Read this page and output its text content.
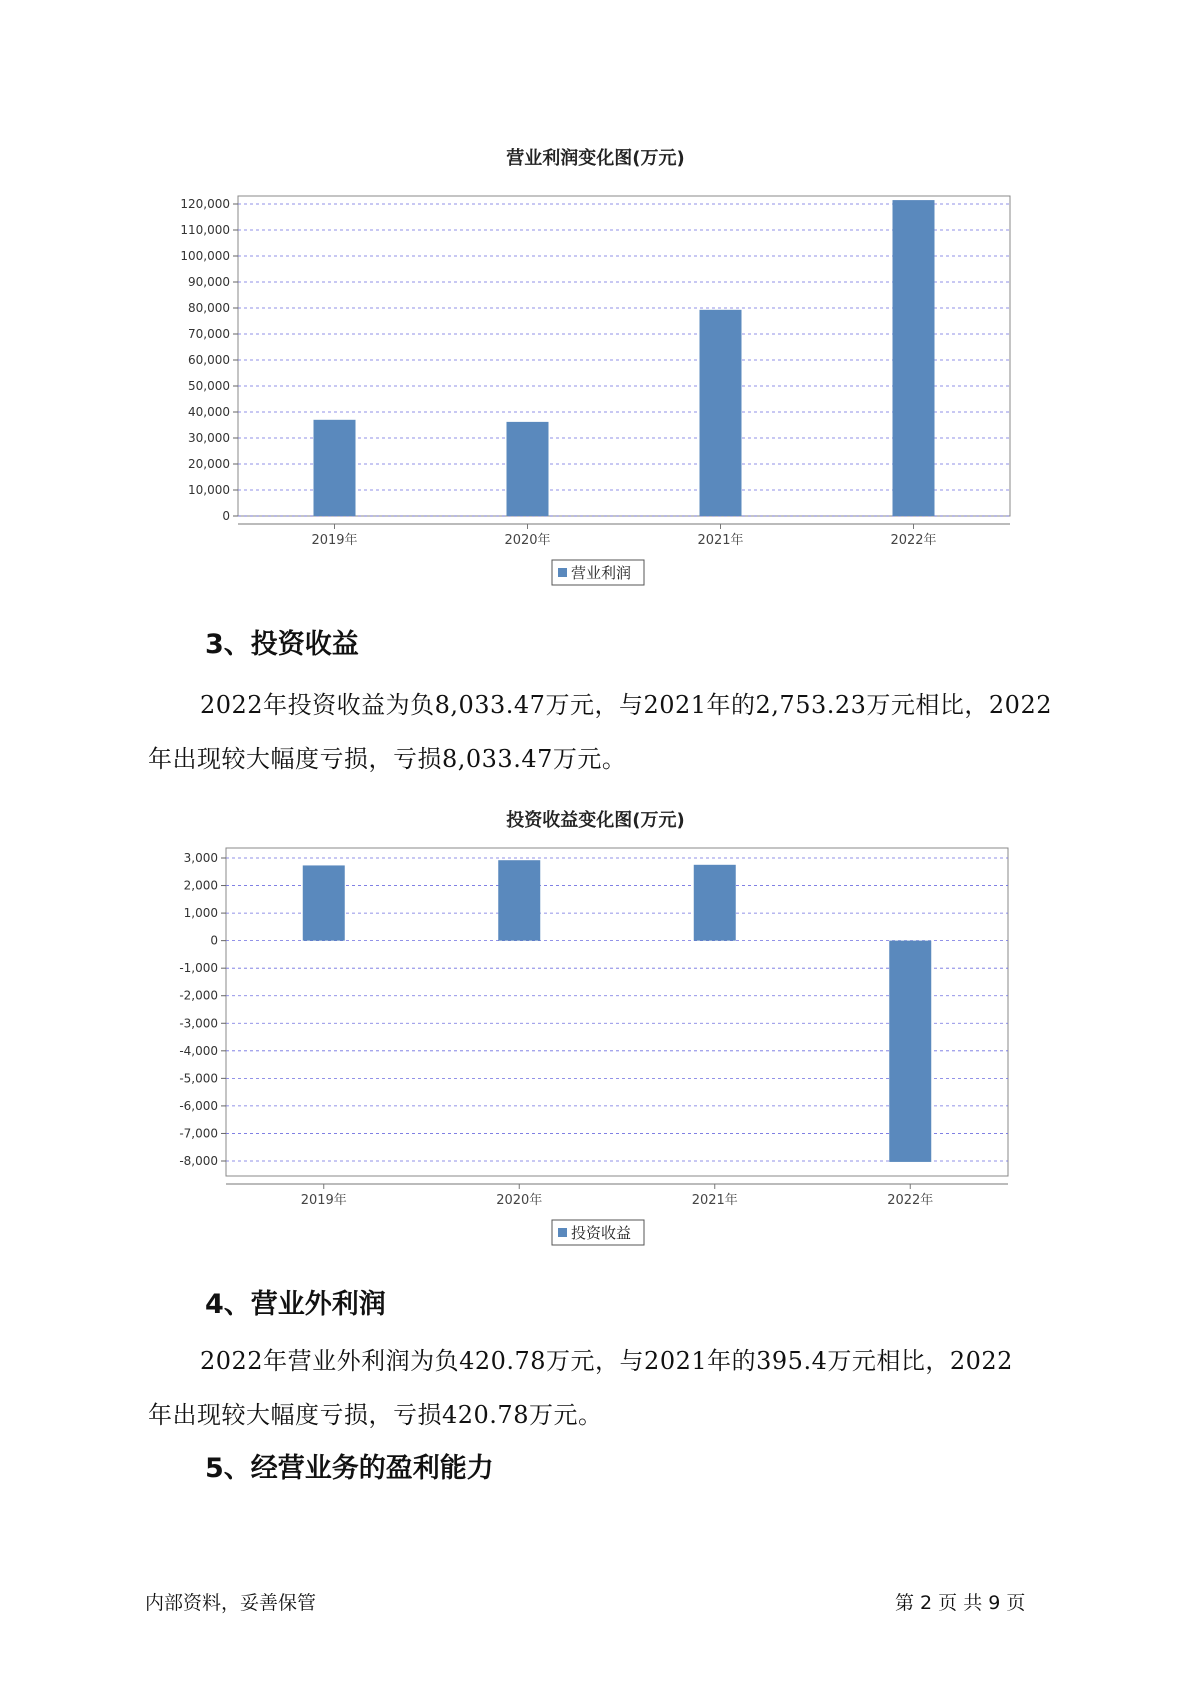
营业利润变化图(万元)
0
10,000
20,000
30,000
40,000
50,000
60,000
70,000
80,000
90,000
100,000
110,000
120,000
2019年	2020年	2021年	2022年
营业利润
3、投资收益
2022年投资收益为负8,033.47万元，与2021年的2,753.23万元相比，2022
年出现较大幅度亏损，亏损8,033.47万元。
投资收益变化图(万元)
3,000
2,000
1,000
0
-1,000
-2,000
-3,000
-4,000
-5,000
-6,000
-7,000
-8,000
2019年	2020年	2021年	2022年
投资收益
4、营业外利润
2022年营业外利润为负420.78万元，与2021年的395.4万元相比，2022
年出现较大幅度亏损，亏损420.78万元。
5、经营业务的盈利能力
内部资料，妥善保管	第 2 页 共 9 页
